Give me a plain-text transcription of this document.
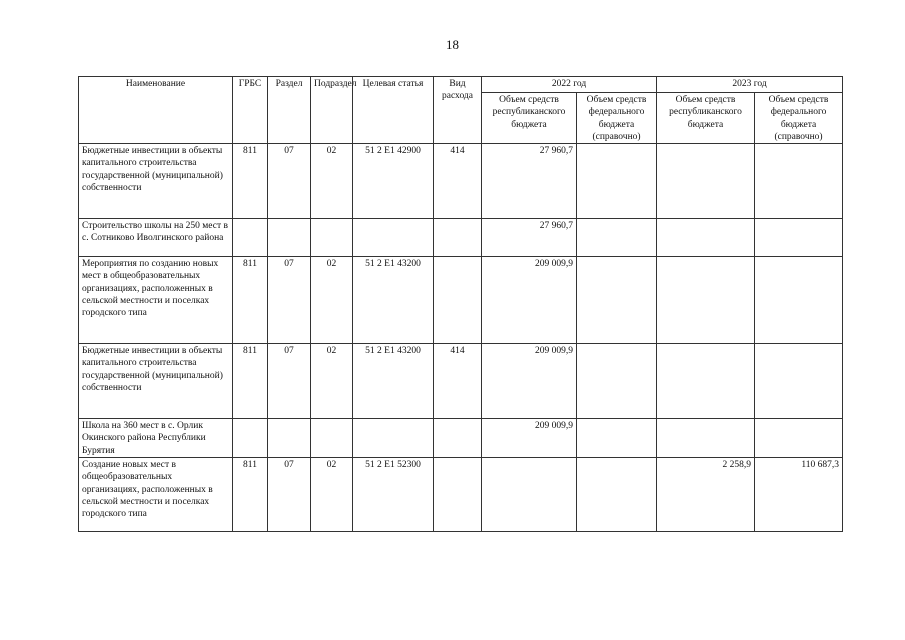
18
Наименование	ГРБС	Раздел	Подраздел	Целевая статья	Вид расхода	2022 год		2023 год	
						Объем средств республиканского бюджета	Объем средств федерального бюджета (справочно)	Объем средств республиканского бюджета	Объем средств федерального бюджета (справочно)
Бюджетные инвестиции в объекты капитального строительства государственной (муниципальной) собственности	811	07	02	51 2 E1 42900	414	27 960,7			
Строительство школы на 250 мест в с. Сотниково Иволгинского района						27 960,7			
Мероприятия по созданию новых мест в общеобразовательных организациях, расположенных в сельской местности и поселках городского типа	811	07	02	51 2 E1 43200		209 009,9			
Бюджетные инвестиции в объекты капитального строительства государственной (муниципальной) собственности	811	07	02	51 2 E1 43200	414	209 009,9			
Школа на 360 мест в с. Орлик Окинского района Республики Бурятия						209 009,9			
Создание новых мест в общеобразовательных организациях, расположенных в сельской местности и поселках городского типа	811	07	02	51 2 E1 52300				2 258,9	110 687,3
